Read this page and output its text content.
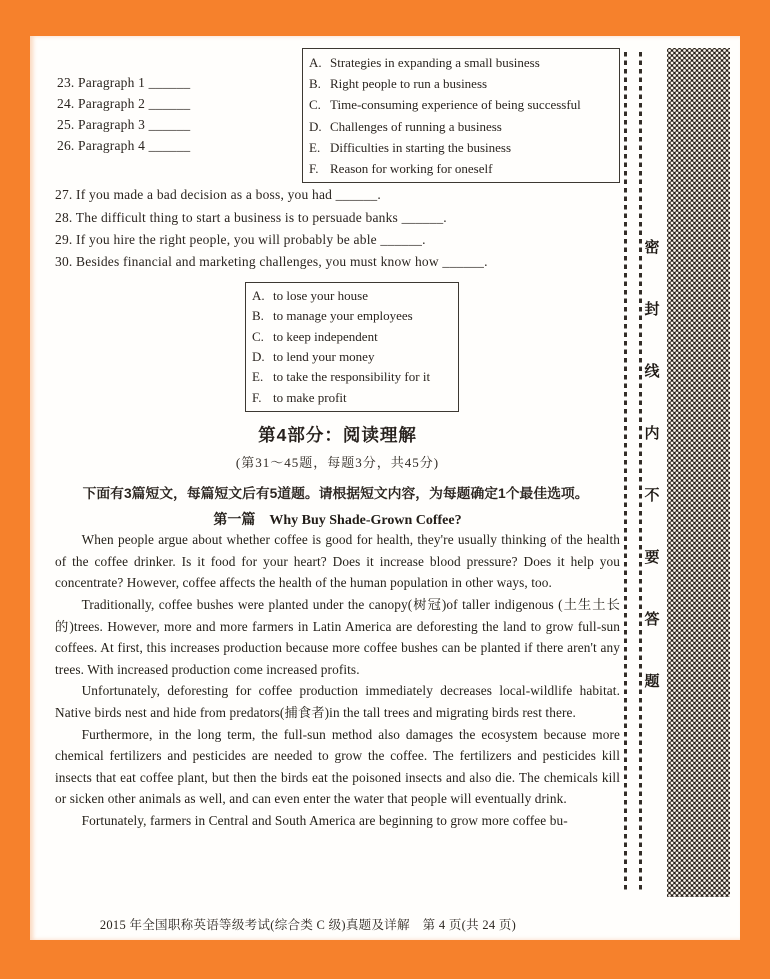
23. Paragraph 1 ______
24. Paragraph 2 ______
25. Paragraph 3 ______
26. Paragraph 4 ______
A. Strategies in expanding a small business
B. Right people to run a business
C. Time-consuming experience of being successful
D. Challenges of running a business
E. Difficulties in starting the business
F. Reason for working for oneself
27. If you made a bad decision as a boss, you had ______.
28. The difficult thing to start a business is to persuade banks ______.
29. If you hire the right people, you will probably be able ______.
30. Besides financial and marketing challenges, you must know how ______.
A. to lose your house
B. to manage your employees
C. to keep independent
D. to lend your money
E. to take the responsibility for it
F. to make profit
第4部分：阅读理解
(第31～45题，每题3分，共45分)
下面有3篇短文，每篇短文后有5道题。请根据短文内容，为每题确定1个最佳选项。
第一篇　Why Buy Shade-Grown Coffee?

When people argue about whether coffee is good for health, they're usually thinking of the health of the coffee drinker. Is it food for your heart? Does it increase blood pressure? Does it help you concentrate? However, coffee affects the health of the human population in other ways, too.

Traditionally, coffee bushes were planted under the canopy(树冠)of taller indigenous (土生土长的)trees. However, more and more farmers in Latin America are deforesting the land to grow full-sun coffees. At first, this increases production because more coffee bushes can be planted if there aren't any trees. With increased production come increased profits.

Unfortunately, deforesting for coffee production immediately decreases local-wildlife habitat. Native birds nest and hide from predators(捕食者)in the tall trees and migrating birds rest there.

Furthermore, in the long term, the full-sun method also damages the ecosystem because more chemical fertilizers and pesticides are needed to grow the coffee. The fertilizers and pesticides kill insects that eat coffee plant, but then the birds eat the poisoned insects and also die. The chemicals kill or sicken other animals as well, and can even enter the water that people will eventually drink.

Fortunately, farmers in Central and South America are beginning to grow more coffee bu-

2015 年全国职称英语等级考试(综合类 C 级)真题及详解　第 4 页(共 24 页)
密
封
线
内
不
要
答
题
